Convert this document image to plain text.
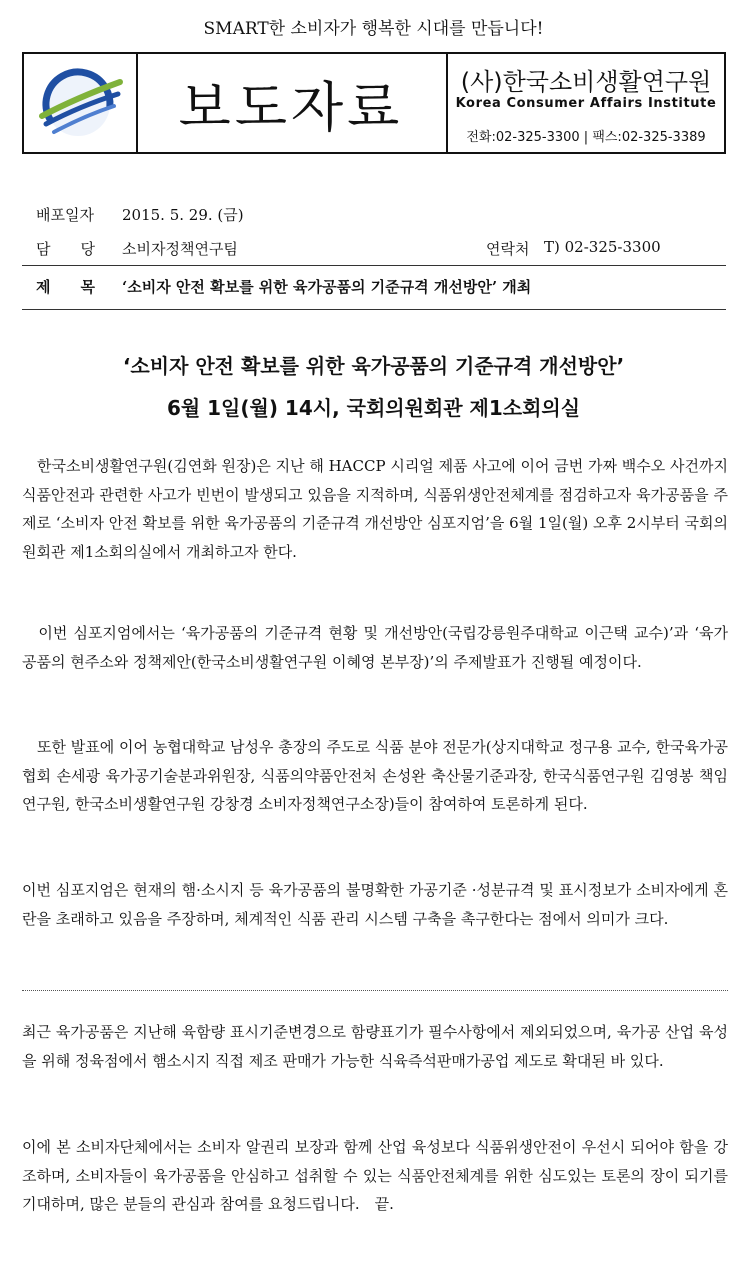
SMART한 소비자가 행복한 시대를 만듭니다!
보도자료	(사)한국소비생활연구원
Korea Consumer Affairs Institute
전화:02-325-3300 | 팩스:02-325-3389
배포일자 2015. 5. 29. (금)
담　　당 소비자정책연구팀	연락처 T) 02-325-3300
제　　목 ‘소비자 안전 확보를 위한 육가공품의 기준규격 개선방안’ 개최
‘소비자 안전 확보를 위한 육가공품의 기준규격 개선방안’
6월 1일(월) 14시, 국회의원회관 제1소회의실
　한국소비생활연구원(김연화 원장)은 지난 해 HACCP 시리얼 제품 사고에 이어 금번 가짜 백수오 사건까지 식품안전과 관련한 사고가 빈번이 발생되고 있음을 지적하며, 식품위생안전체계를 점검하고자 육가공품을 주제로 ‘소비자 안전 확보를 위한 육가공품의 기준규격 개선방안 심포지엄’을 6월 1일(월) 오후 2시부터 국회의원회관 제1소회의실에서 개최하고자 한다.
　이번 심포지엄에서는 ‘육가공품의 기준규격 현황 및 개선방안(국립강릉원주대학교 이근택 교수)’과 ‘육가공품의 현주소와 정책제안(한국소비생활연구원 이혜영 본부장)’의 주제발표가 진행될 예정이다.
　또한 발표에 이어 농협대학교 남성우 총장의 주도로 식품 분야 전문가(상지대학교 정구용 교수, 한국육가공협회 손세광 육가공기술분과위원장, 식품의약품안전처 손성완 축산물기준과장, 한국식품연구원 김영봉 책임연구원, 한국소비생활연구원 강창경 소비자정책연구소장)들이 참여하여 토론하게 된다.
이번 심포지엄은 현재의 햄·소시지 등 육가공품의 불명확한 가공기준 ·성분규격 및 표시정보가 소비자에게 혼란을 초래하고 있음을 주장하며, 체계적인 식품 관리 시스템 구축을 촉구한다는 점에서 의미가 크다.
최근 육가공품은 지난해 육함량 표시기준변경으로 함량표기가 필수사항에서 제외되었으며, 육가공 산업 육성을 위해 정육점에서 햄소시지 직접 제조 판매가 가능한 식육즉석판매가공업 제도로 확대된 바 있다.
이에 본 소비자단체에서는 소비자 알권리 보장과 함께 산업 육성보다 식품위생안전이 우선시 되어야 함을 강조하며, 소비자들이 육가공품을 안심하고 섭취할 수 있는 식품안전체계를 위한 심도있는 토론의 장이 되기를 기대하며, 많은 분들의 관심과 참여를 요청드립니다.　끝.
